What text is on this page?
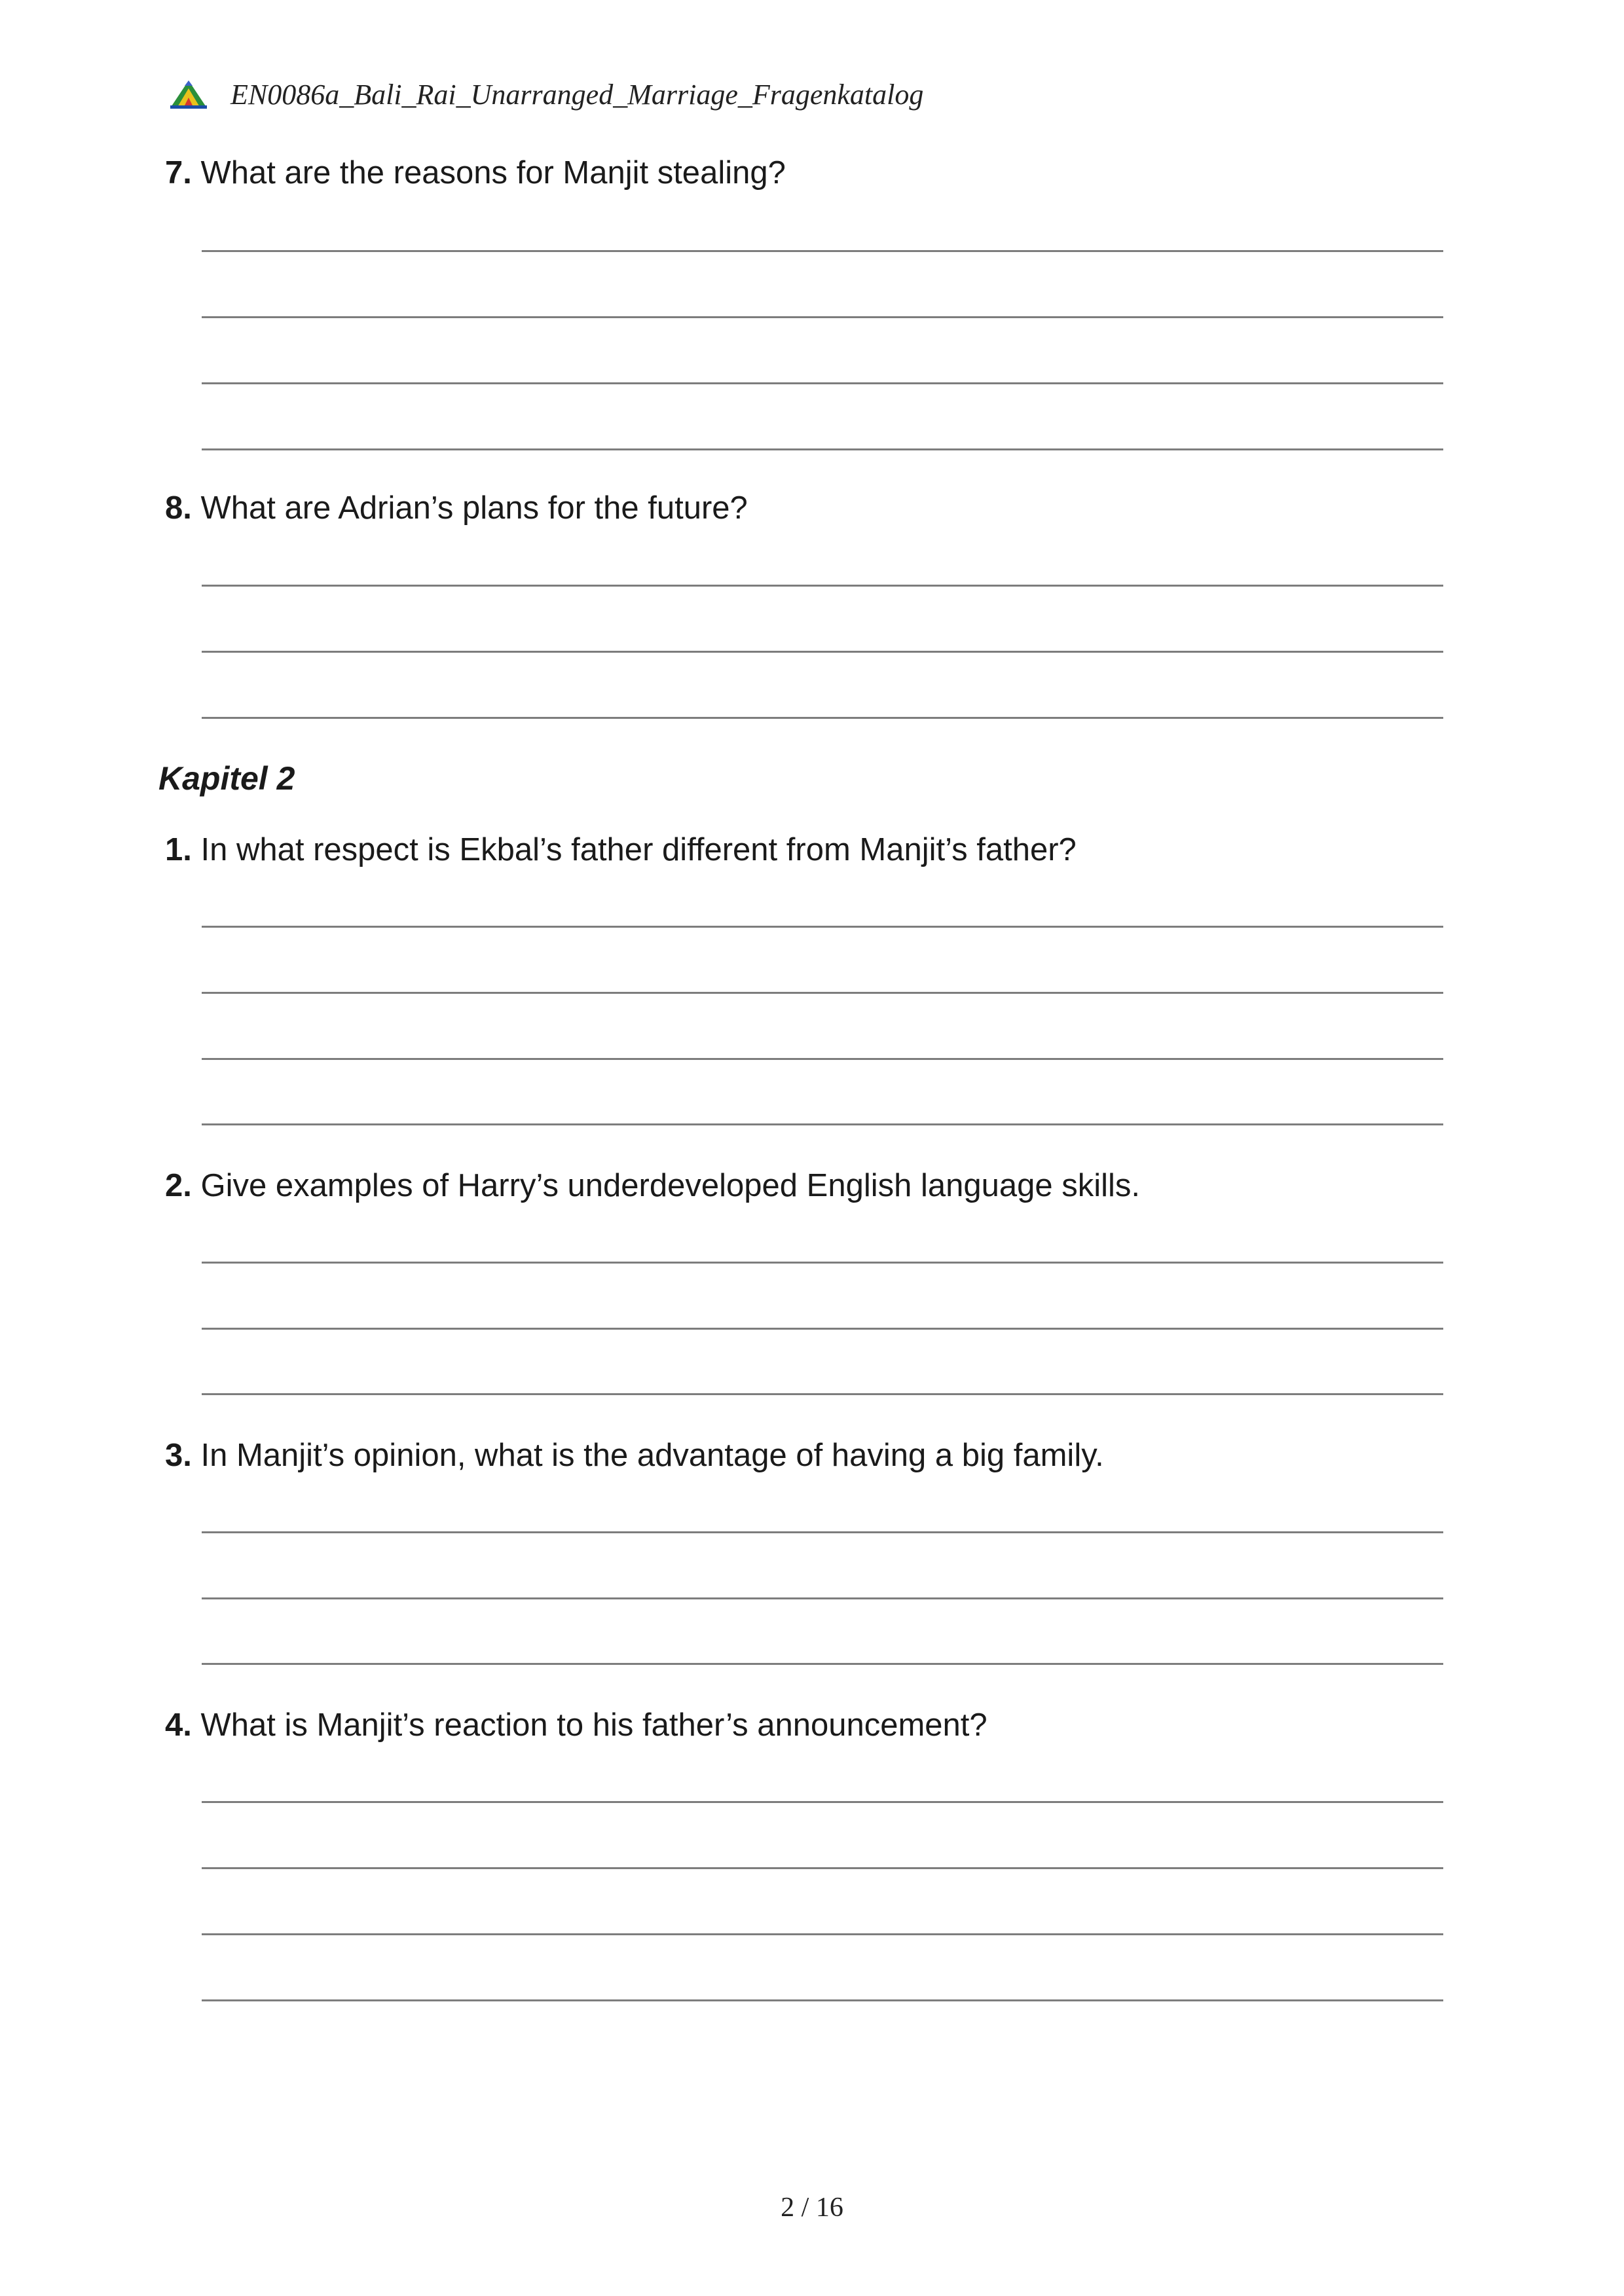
EN0086a_Bali_Rai_Unarranged_Marriage_Fragenkatalog
7. What are the reasons for Manjit stealing?
8. What are Adrian’s plans for the future?
Kapitel 2
1. In what respect is Ekbal’s father different from Manjit’s father?
2. Give examples of Harry’s underdeveloped English language skills.
3. In Manjit’s opinion, what is the advantage of having a big family.
4. What is Manjit’s reaction to his father’s announcement?
2 / 16
